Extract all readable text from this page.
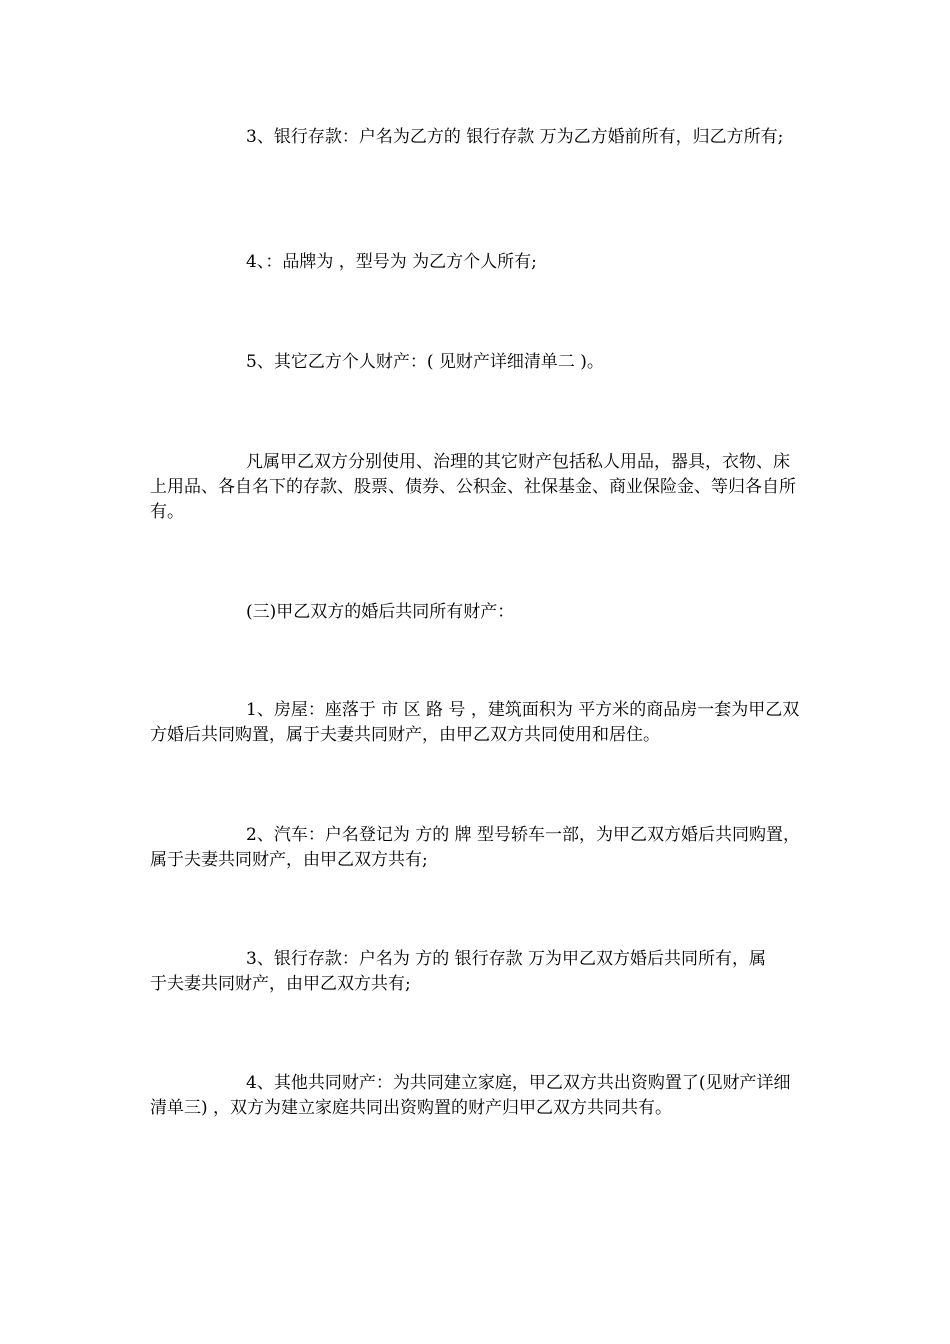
3、银行存款：户名为乙方的 银行存款 万为乙方婚前所有，归乙方所有;

4、：品牌为 ，型号为 为乙方个人所有;

5、其它乙方个人财产：( 见财产详细清单二 )。

凡属甲乙双方分别使用、治理的其它财产包括私人用品，器具，衣物、床上用品、各自名下的存款、股票、债券、公积金、社保基金、商业保险金、等归各自所有。

(三)甲乙双方的婚后共同所有财产：

1、房屋：座落于 市 区 路 号 ，建筑面积为 平方米的商品房一套为甲乙双方婚后共同购置，属于夫妻共同财产，由甲乙双方共同使用和居住。

2、汽车：户名登记为 方的 牌 型号轿车一部，为甲乙双方婚后共同购置，属于夫妻共同财产，由甲乙双方共有;

3、银行存款：户名为 方的 银行存款 万为甲乙双方婚后共同所有，属于夫妻共同财产，由甲乙双方共有;

4、其他共同财产：为共同建立家庭，甲乙双方共出资购置了(见财产详细清单三) ，双方为建立家庭共同出资购置的财产归甲乙双方共同共有。
